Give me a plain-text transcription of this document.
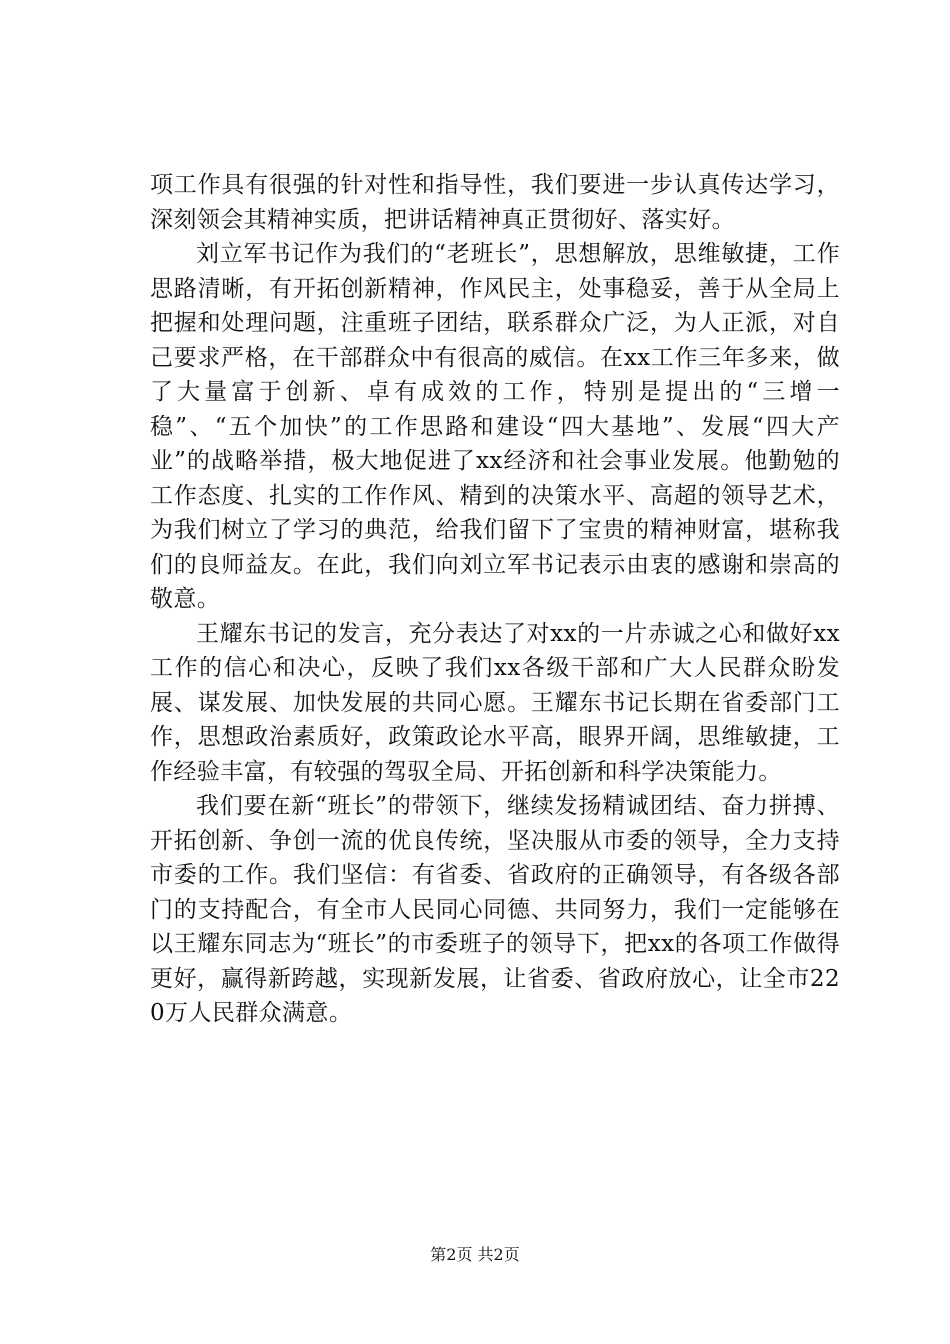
项工作具有很强的针对性和指导性，我们要进一步认真传达学习，深刻领会其精神实质，把讲话精神真正贯彻好、落实好。

刘立军书记作为我们的“老班长”，思想解放，思维敏捷，工作思路清晰，有开拓创新精神，作风民主，处事稳妥，善于从全局上把握和处理问题，注重班子团结，联系群众广泛，为人正派，对自己要求严格，在干部群众中有很高的威信。在xx工作三年多来，做了大量富于创新、卓有成效的工作，特别是提出的“三增一稳”、“五个加快”的工作思路和建设“四大基地”、发展“四大产业”的战略举措，极大地促进了xx经济和社会事业发展。他勤勉的工作态度、扎实的工作作风、精到的决策水平、高超的领导艺术，为我们树立了学习的典范，给我们留下了宝贵的精神财富，堪称我们的良师益友。在此，我们向刘立军书记表示由衷的感谢和崇高的敬意。

王耀东书记的发言，充分表达了对xx的一片赤诚之心和做好xx工作的信心和决心，反映了我们xx各级干部和广大人民群众盼发展、谋发展、加快发展的共同心愿。王耀东书记长期在省委部门工作，思想政治素质好，政策政论水平高，眼界开阔，思维敏捷，工作经验丰富，有较强的驾驭全局、开拓创新和科学决策能力。

我们要在新“班长”的带领下，继续发扬精诚团结、奋力拼搏、开拓创新、争创一流的优良传统，坚决服从市委的领导，全力支持市委的工作。我们坚信：有省委、省政府的正确领导，有各级各部门的支持配合，有全市人民同心同德、共同努力，我们一定能够在以王耀东同志为“班长”的市委班子的领导下，把xx的各项工作做得更好，赢得新跨越，实现新发展，让省委、省政府放心，让全市220万人民群众满意。

第2页 共2页
